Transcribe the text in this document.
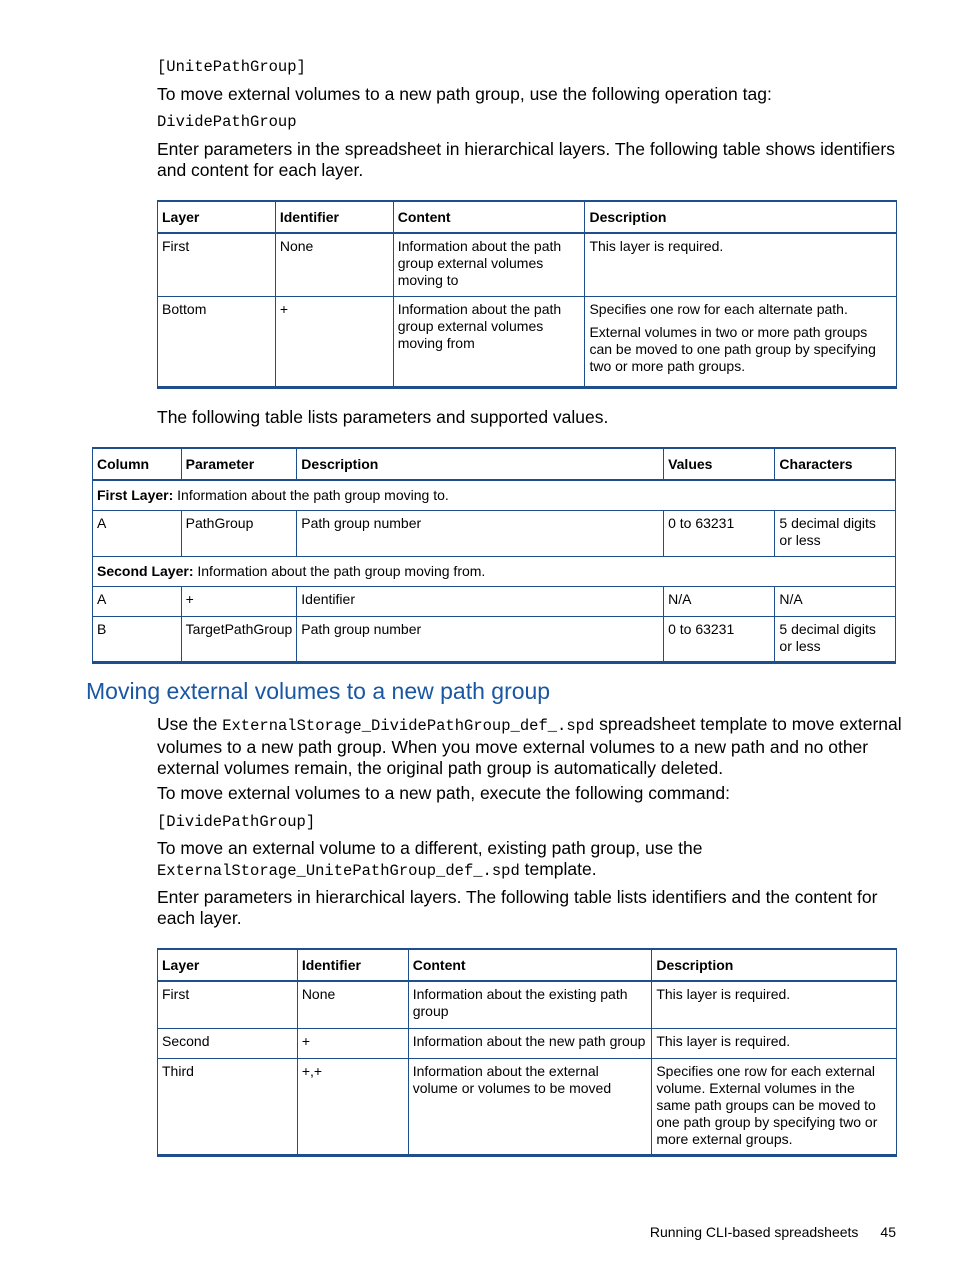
[UnitePathGroup]

To move external volumes to a new path group, use the following operation tag:

DividePathGroup

Enter parameters in the spreadsheet in hierarchical layers. The following table shows identifiers and content for each layer.

Layer	Identifier	Content	Description
First	None	Information about the path group external volumes moving to	This layer is required.

Bottom	+	Information about the path group external volumes moving from	Specifies one row for each alternate path.

External volumes in two or more path groups can be moved to one path group by specifying two or more path groups.

The following table lists parameters and supported values.

Column	Parameter	Description	Values	Characters
First Layer: Information about the path group moving to.				
A	PathGroup	Path group number	0 to 63231	5 decimal digits or less
Second Layer: Information about the path group moving from.				
A	+	Identifier	N/A	N/A
B	TargetPathGroup	Path group number	0 to 63231	5 decimal digits or less
Moving external volumes to a new path group

Use the ExternalStorage_DividePathGroup_def_.spd spreadsheet template to move external volumes to a new path group. When you move external volumes to a new path and no other external volumes remain, the original path group is automatically deleted.

To move external volumes to a new path, execute the following command:

[DividePathGroup]

To move an external volume to a different, existing path group, use the
ExternalStorage_UnitePathGroup_def_.spd template.

Enter parameters in hierarchical layers. The following table lists identifiers and the content for each layer.

Layer	Identifier	Content	Description
First	None	Information about the existing path group	This layer is required.
Second	+	Information about the new path group	This layer is required.
Third	+,+	Information about the external volume or volumes to be moved	Specifies one row for each external volume. External volumes in the same path groups can be moved to one path group by specifying two or more external groups.
Running CLI-based spreadsheets 45
